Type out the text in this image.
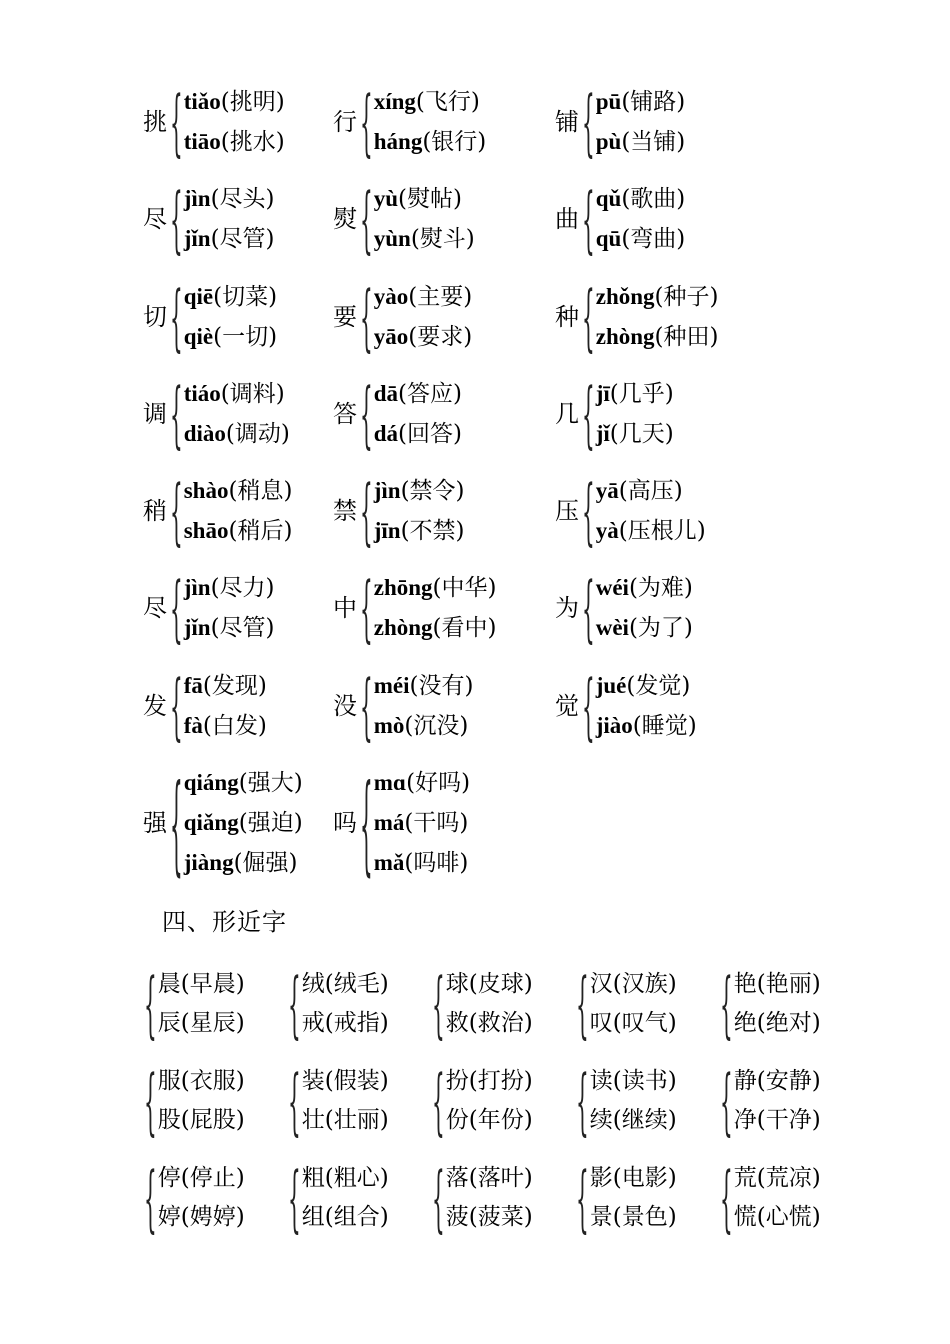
挑 { tiǎo(挑明)
tiāo(挑水)
行 { xíng(飞行)
háng(银行)
铺 { pū(铺路)
pù(当铺)
尽 { jìn(尽头)
jǐn(尽管)
熨 { yù(熨帖)
yùn(熨斗)
曲 { qǔ(歌曲)
qū(弯曲)
切 { qiē(切菜)
qiè(一切)
要 { yào(主要)
yāo(要求)
种 { zhǒng(种子)
zhòng(种田)
调 { tiáo(调料)
diào(调动)
答 { dā(答应)
dá(回答)
几 { jī(几乎)
jǐ(几天)
稍 { shào(稍息)
shāo(稍后)
禁 { jìn(禁令)
jīn(不禁)
压 { yā(高压)
yà(压根儿)
尽 { jìn(尽力)
jǐn(尽管)
中 { zhōng(中华)
zhòng(看中)
为 { wéi(为难)
wèi(为了)
发 { fā(发现)
fà(白发)
没 { méi(没有)
mò(沉没)
觉 { jué(发觉)
jiào(睡觉)
强 { qiáng(强大)
qiǎng(强迫)
jiàng(倔强)
吗 { mɑ(好吗)
má(干吗)
mǎ(吗啡)
四、形近字
{ 晨(早晨)
辰(星辰) { 绒(绒毛)
戒(戒指) { 球(皮球)
救(救治) { 汉(汉族)
叹(叹气) { 艳(艳丽)
绝(绝对)
{ 服(衣服)
股(屁股) { 装(假装)
壮(壮丽) { 扮(打扮)
份(年份) { 读(读书)
续(继续) { 静(安静)
净(干净)
{ 停(停止)
婷(娉婷) { 粗(粗心)
组(组合) { 落(落叶)
菠(菠菜) { 影(电影)
景(景色) { 荒(荒凉)
慌(心慌)
